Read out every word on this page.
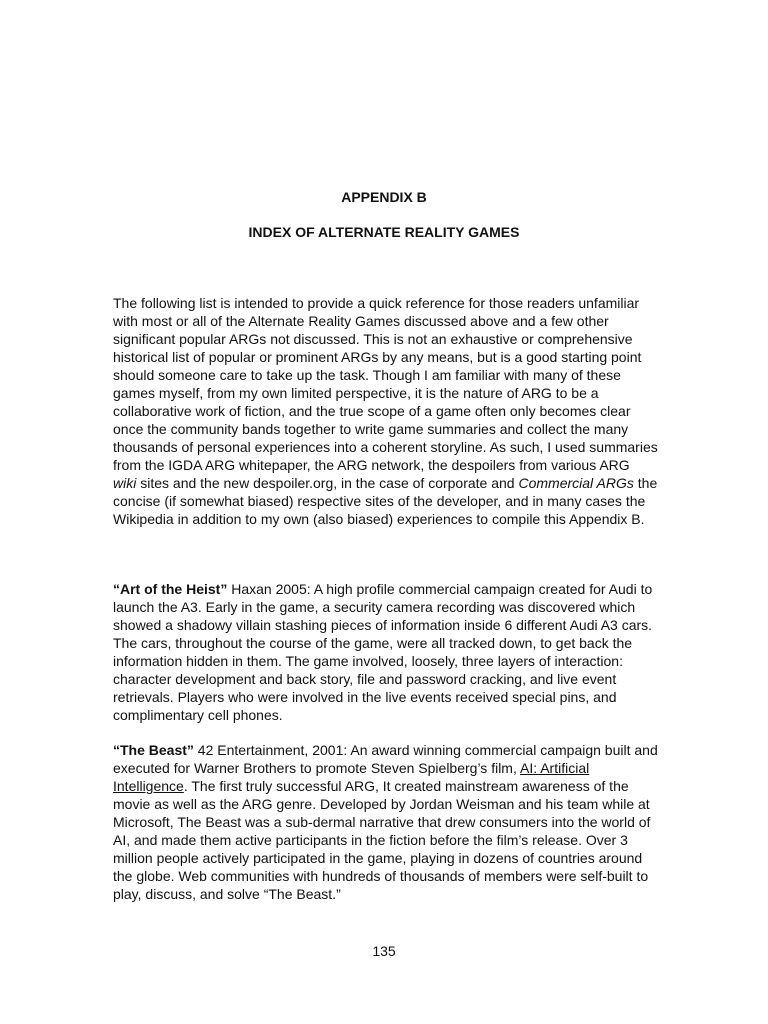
APPENDIX B
INDEX OF ALTERNATE REALITY GAMES

The following list is intended to provide a quick reference for those readers unfamiliar
with most or all of the Alternate Reality Games discussed above and a few other
significant popular ARGs not discussed. This is not an exhaustive or comprehensive
historical list of popular or prominent ARGs by any means, but is a good starting point
should someone care to take up the task. Though I am familiar with many of these
games myself, from my own limited perspective, it is the nature of ARG to be a
collaborative work of fiction, and the true scope of a game often only becomes clear
once the community bands together to write game summaries and collect the many
thousands of personal experiences into a coherent storyline. As such, I used summaries
from the IGDA ARG whitepaper, the ARG network, the despoilers from various ARG
wiki sites and the new despoiler.org, in the case of corporate and Commercial ARGs the
concise (if somewhat biased) respective sites of the developer, and in many cases the
Wikipedia in addition to my own (also biased) experiences to compile this Appendix B.

“Art of the Heist” Haxan 2005: A high profile commercial campaign created for Audi to
launch the A3. Early in the game, a security camera recording was discovered which
showed a shadowy villain stashing pieces of information inside 6 different Audi A3 cars.
The cars, throughout the course of the game, were all tracked down, to get back the
information hidden in them. The game involved, loosely, three layers of interaction:
character development and back story, file and password cracking, and live event
retrievals. Players who were involved in the live events received special pins, and
complimentary cell phones.

“The Beast” 42 Entertainment, 2001: An award winning commercial campaign built and
executed for Warner Brothers to promote Steven Spielberg’s film, AI: Artificial
Intelligence. The first truly successful ARG, It created mainstream awareness of the
movie as well as the ARG genre. Developed by Jordan Weisman and his team while at
Microsoft, The Beast was a sub-dermal narrative that drew consumers into the world of
AI, and made them active participants in the fiction before the film’s release. Over 3
million people actively participated in the game, playing in dozens of countries around
the globe. Web communities with hundreds of thousands of members were self-built to
play, discuss, and solve “The Beast.”

135
